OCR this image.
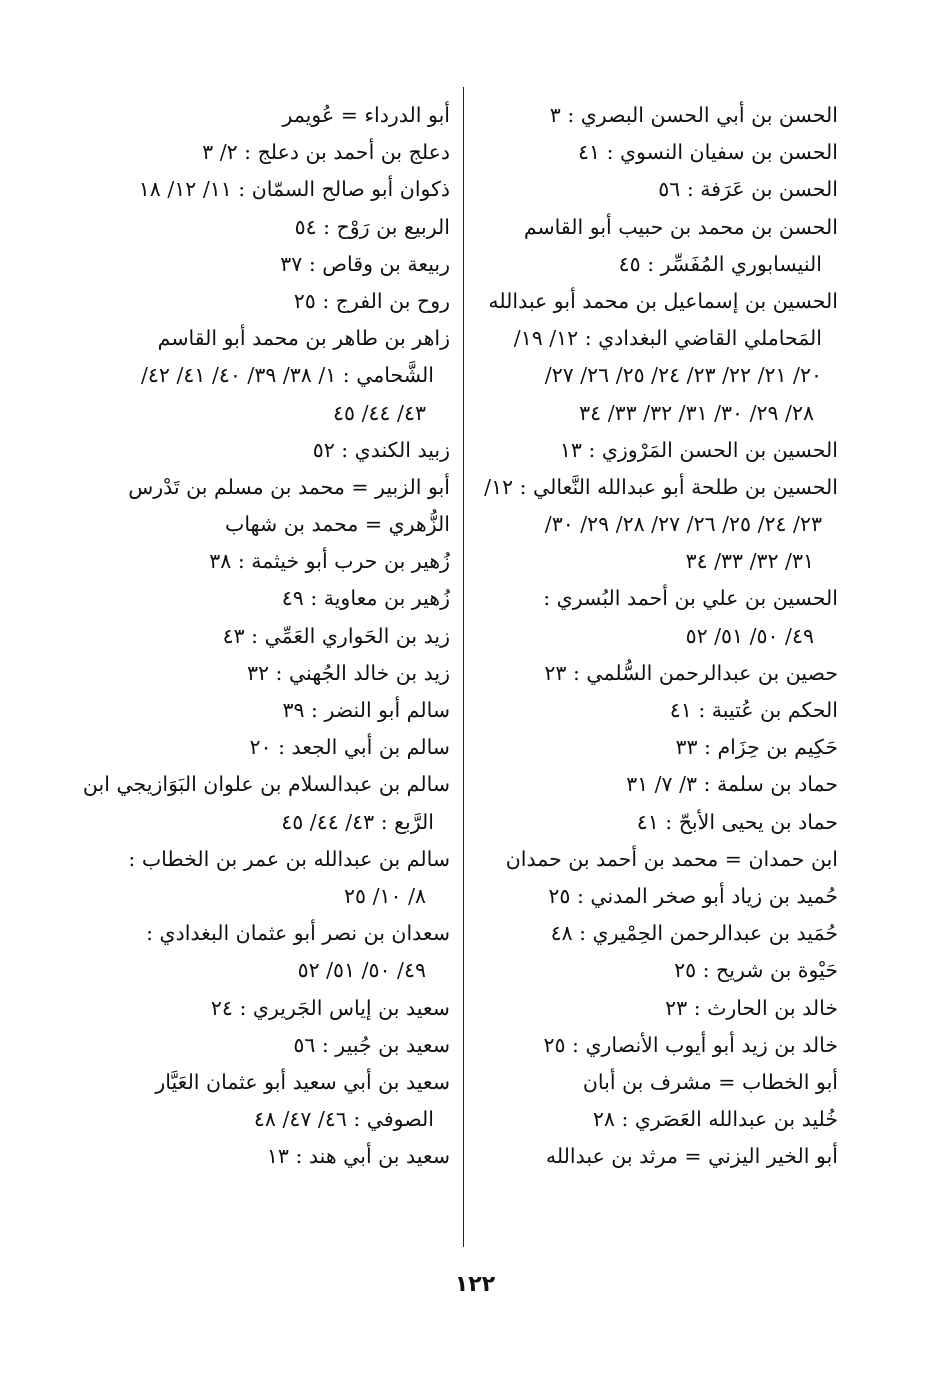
الحسن بن أبي الحسن البصري : ٣
الحسن بن سفيان النسوي : ٤١
الحسن بن عَرَفة : ٥٦
الحسن بن محمد بن حبيب أبو القاسم
النيسابوري المُفَسِّر : ٤٥
الحسين بن إسماعيل بن محمد أبو عبدالله
المَحاملي القاضي البغدادي : ١٢/ ١٩/
٢٠/ ٢١/ ٢٢/ ٢٣/ ٢٤/ ٢٥/ ٢٦/ ٢٧/
٢٨/ ٢٩/ ٣٠/ ٣١/ ٣٢/ ٣٣/ ٣٤
الحسين بن الحسن المَرْوزي : ١٣
الحسين بن طلحة أبو عبدالله النَّعالي : ١٢/
٢٣/ ٢٤/ ٢٥/ ٢٦/ ٢٧/ ٢٨/ ٢٩/ ٣٠/
٣١/ ٣٢/ ٣٣/ ٣٤
الحسين بن علي بن أحمد البُسري :
٤٩/ ٥٠/ ٥١/ ٥٢
حصين بن عبدالرحمن السُّلمي : ٢٣
الحكم بن عُتيبة : ٤١
حَكِيم بن حِزَام : ٣٣
حماد بن سلمة : ٣/ ٧/ ٣١
حماد بن يحيى الأبحّ : ٤١
ابن حمدان = محمد بن أحمد بن حمدان
حُميد بن زياد أبو صخر المدني : ٢٥
حُمَيد بن عبدالرحمن الحِمْيري : ٤٨
حَيْوة بن شريح : ٢٥
خالد بن الحارث : ٢٣
خالد بن زيد أبو أيوب الأنصاري : ٢٥
أبو الخطاب = مشرف بن أبان
خُليد بن عبدالله العَصَري : ٢٨
أبو الخير اليزني = مرثد بن عبدالله
أبو الدرداء = عُويمر
دعلج بن أحمد بن دعلج : ٢/ ٣
ذكوان أبو صالح السمّان : ١١/ ١٢/ ١٨
الربيع بن رَوْح : ٥٤
ربيعة بن وقاص : ٣٧
روح بن الفرج : ٢٥
زاهر بن طاهر بن محمد أبو القاسم
الشَّحامي : ١/ ٣٨/ ٣٩/ ٤٠/ ٤١/ ٤٢/
٤٣/ ٤٤/ ٤٥
زبيد الكندي : ٥٢
أبو الزبير = محمد بن مسلم بن تَدْرس
الزُّهري = محمد بن شهاب
زُهير بن حرب أبو خيثمة : ٣٨
زُهير بن معاوية : ٤٩
زيد بن الحَواري العَمِّي : ٤٣
زيد بن خالد الجُهني : ٣٢
سالم أبو النضر : ٣٩
سالم بن أبي الجعد : ٢٠
سالم بن عبدالسلام بن علوان البَوَازيجي ابن
الرَّبع : ٤٣/ ٤٤/ ٤٥
سالم بن عبدالله بن عمر بن الخطاب :
٨/ ١٠/ ٢٥
سعدان بن نصر أبو عثمان البغدادي :
٤٩/ ٥٠/ ٥١/ ٥٢
سعيد بن إياس الجَريري : ٢٤
سعيد بن جُبير : ٥٦
سعيد بن أبي سعيد أبو عثمان العَيَّار
الصوفي : ٤٦/ ٤٧/ ٤٨
سعيد بن أبي هند : ١٣
١٢٢
